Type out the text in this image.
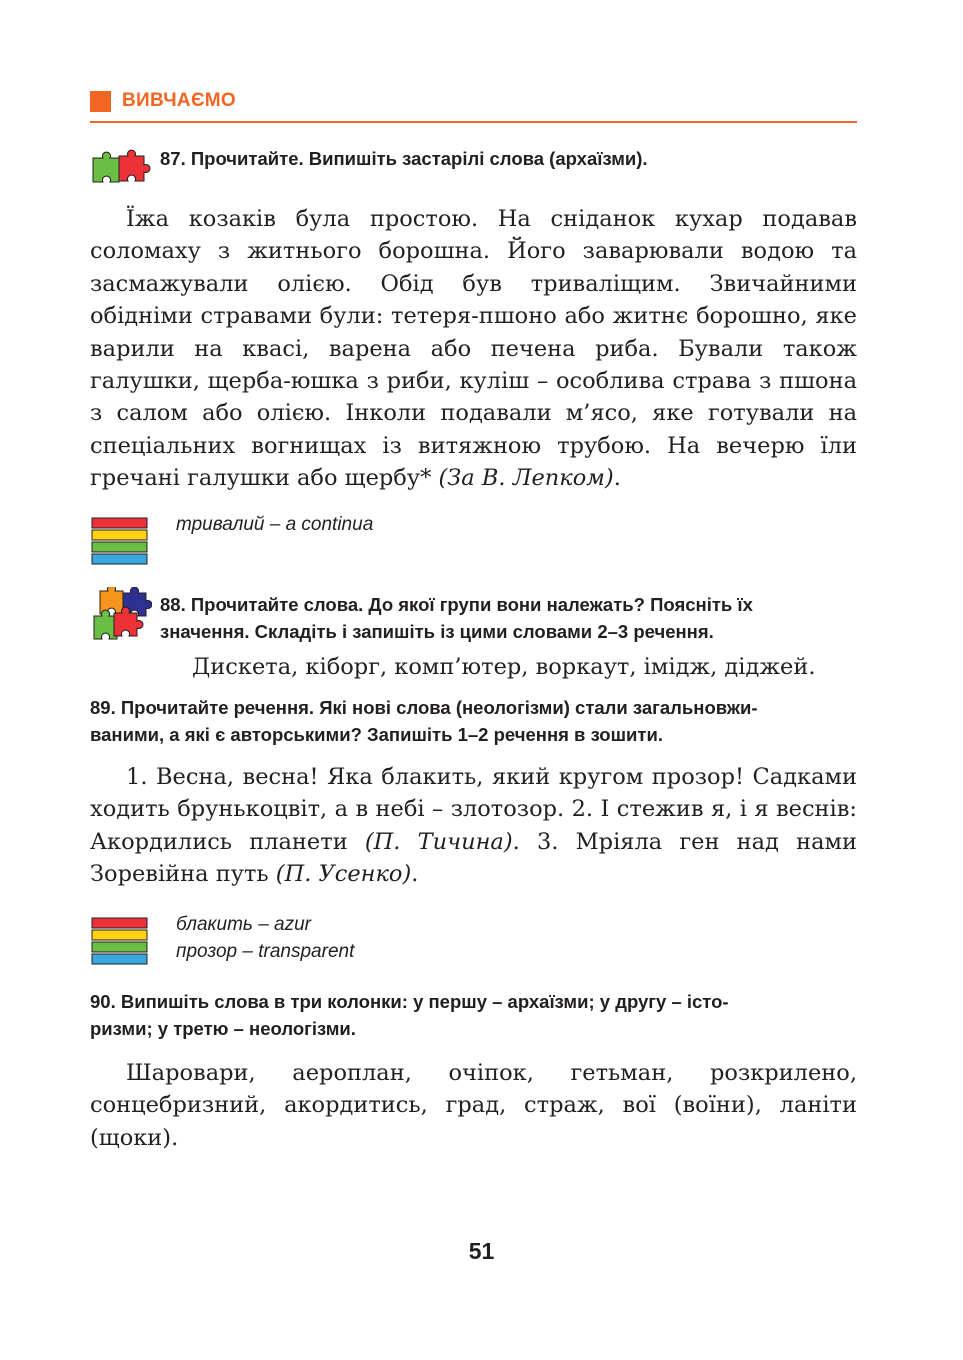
ВИВЧАЄМО
87. Прочитайте. Випишіть застарілі слова (архаїзми).

Їжа козаків була простою. На сніданок кухар подавав соломаху з житнього борошна. Його заварювали водою та засмажували олією. Обід був триваліщим. Звичайними обідніми стравами були: тетеря-пшоно або житнє борошно, яке варили на квасі, варена або печена риба. Бували також галушки, щерба-юшка з риби, куліш – особлива страва з пшона з салом або олією. Інколи подавали м’ясо, яке готували на спеціальних вогнищах із витяжною трубою. На вечерю їли гречані галушки або щербу* (За В. Лепком).

тривалий – a continua
88. Прочитайте слова. До якої групи вони належать? Поясніть їх
значення. Складіть і запишіть із цими словами 2–3 речення.
Дискета, кіборг, комп’ютер, воркаут, імідж, діджей.
89. Прочитайте речення. Які нові слова (неологізми) стали загальновжи-
ваними, а які є авторськими? Запишіть 1–2 речення в зошити.

1. Весна, весна! Яка блакить, який кругом прозор! Садками ходить брунькоцвіт, а в небі – злотозор. 2. І стежив я, і я веснів: Акордились планети (П. Тичина). 3. Мріяла ген над нами Зоревійна путь (П. Усенко).

блакить – azur
прозор – transparent
90. Випишіть слова в три колонки: у першу – архаїзми; у другу – істо-
ризми; у третю – неологізми.

Шаровари, аероплан, очіпок, гетьман, розкрилено, сонцебризний, акордитись, град, страж, вої (воїни), ланіти (щоки).

51
